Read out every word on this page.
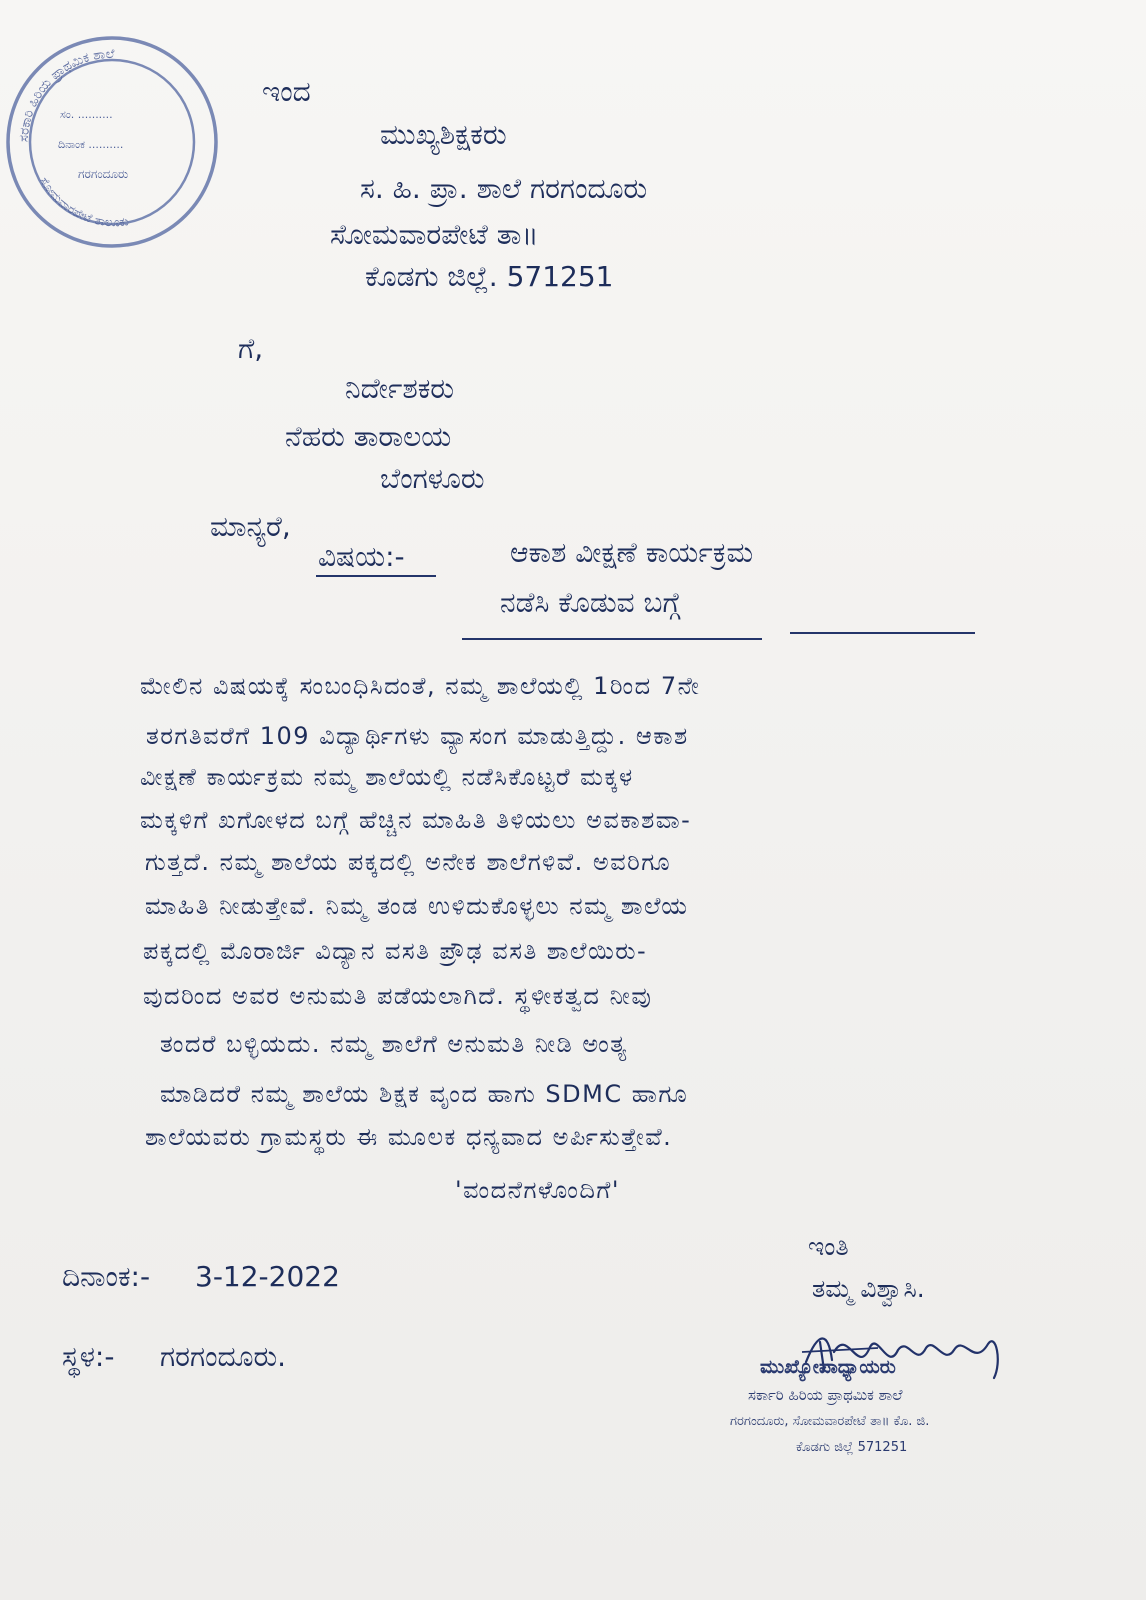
ಸರಕಾರಿ ಹಿರಿಯ ಪ್ರಾಥಮಿಕ ಶಾಲೆ
ಸೋಮವಾರಪೇಟೆ ತಾಲೂಕು
ಸಂ. ..........
ದಿನಾಂಕ ..........
ಗರಗಂದೂರು
ಇಂದ
ಮುಖ್ಯಶಿಕ್ಷಕರು
ಸ. ಹಿ. ಪ್ರಾ. ಶಾಲೆ ಗರಗಂದೂರು
ಸೋಮವಾರಪೇಟೆ ತಾ॥
ಕೊಡಗು ಜಿಲ್ಲೆ. 571251
ಗೆ,
ನಿರ್ದೇಶಕರು
ನೆಹರು ತಾರಾಲಯ
ಬೆಂಗಳೂರು
ಮಾನ್ಯರೆ,
ವಿಷಯ:-	ಆಕಾಶ ವೀಕ್ಷಣೆ ಕಾರ್ಯಕ್ರಮ
ನಡೆಸಿ ಕೊಡುವ ಬಗ್ಗೆ
ಮೇಲಿನ ವಿಷಯಕ್ಕೆ ಸಂಬಂಧಿಸಿದಂತೆ, ನಮ್ಮ ಶಾಲೆಯಲ್ಲಿ 1ರಿಂದ 7ನೇ
ತರಗತಿವರೆಗೆ 109 ವಿದ್ಯಾರ್ಥಿಗಳು ವ್ಯಾಸಂಗ ಮಾಡುತ್ತಿದ್ದು. ಆಕಾಶ
ವೀಕ್ಷಣೆ ಕಾರ್ಯಕ್ರಮ ನಮ್ಮ ಶಾಲೆಯಲ್ಲಿ ನಡೆಸಿಕೊಟ್ಟರೆ ಮಕ್ಕಳ
ಮಕ್ಕಳಿಗೆ ಖಗೋಳದ ಬಗ್ಗೆ ಹೆಚ್ಚಿನ ಮಾಹಿತಿ ತಿಳಿಯಲು ಅವಕಾಶವಾ-
ಗುತ್ತದೆ. ನಮ್ಮ ಶಾಲೆಯ ಪಕ್ಕದಲ್ಲಿ ಅನೇಕ ಶಾಲೆಗಳಿವೆ. ಅವರಿಗೂ
ಮಾಹಿತಿ ನೀಡುತ್ತೇವೆ. ನಿಮ್ಮ ತಂಡ ಉಳಿದುಕೊಳ್ಳಲು ನಮ್ಮ ಶಾಲೆಯ
ಪಕ್ಕದಲ್ಲಿ ಮೊರಾರ್ಜಿ ವಿದ್ಯಾನ ವಸತಿ ಪ್ರೌಢ ವಸತಿ ಶಾಲೆಯಿರು-
ವುದರಿಂದ ಅವರ ಅನುಮತಿ ಪಡೆಯಲಾಗಿದೆ. ಸ್ಥಳೀಕತ್ವದ ನೀವು
ತಂದರೆ ಬಳ್ಳಿಯದು. ನಮ್ಮ ಶಾಲೆಗೆ ಅನುಮತಿ ನೀಡಿ ಅಂತ್ಯ
ಮಾಡಿದರೆ ನಮ್ಮ ಶಾಲೆಯ ಶಿಕ್ಷಕ ವೃಂದ ಹಾಗು SDMC ಹಾಗೂ
ಶಾಲೆಯವರು ಗ್ರಾಮಸ್ಥರು ಈ ಮೂಲಕ ಧನ್ಯವಾದ ಅರ್ಪಿಸುತ್ತೇವೆ.
'ವಂದನೆಗಳೊಂದಿಗೆ'
ದಿನಾಂಕ:- 3-12-2022
ಸ್ಥಳ:- ಗರಗಂದೂರು.
ಇಂತಿ
ತಮ್ಮ ವಿಶ್ವಾಸಿ.
ಮುಖ್ಯೋಪಾಧ್ಯಾಯರು
ಸರ್ಕಾರಿ ಹಿರಿಯ ಪ್ರಾಥಮಿಕ ಶಾಲೆ
ಗರಗಂದೂರು, ಸೋಮವಾರಪೇಟೆ ತಾ॥ ಕೊ. ಜಿ.
ಕೊಡಗು ಜಿಲ್ಲೆ 571251
